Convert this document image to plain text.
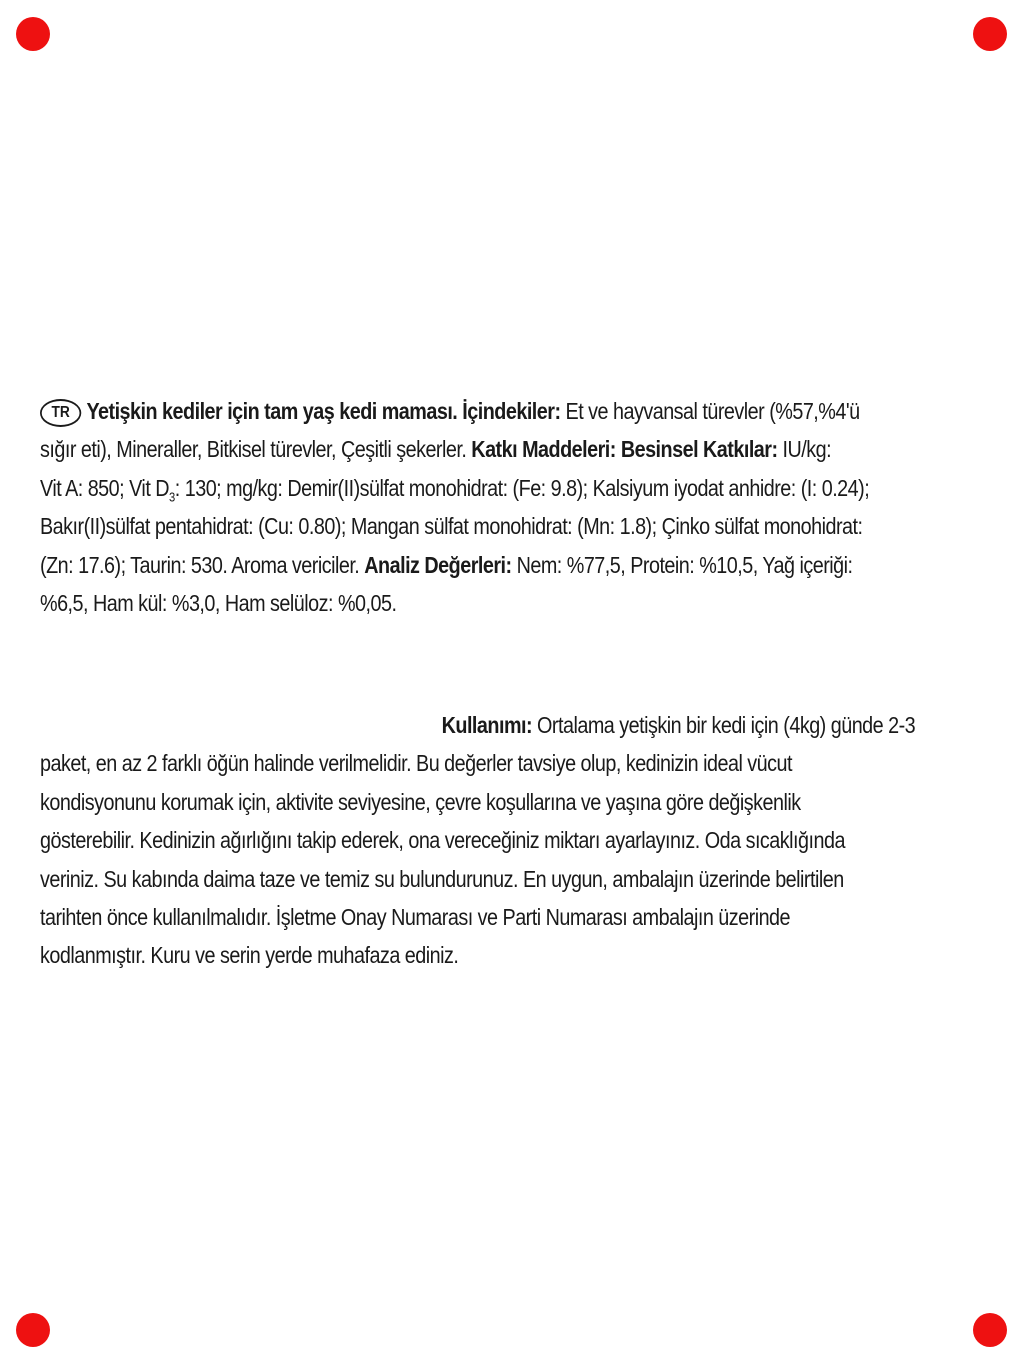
TR Yetişkin kediler için tam yaş kedi maması. İçindekiler: Et ve hayvansal türevler (%57,%4'ü
sığır eti), Mineraller, Bitkisel türevler, Çeşitli şekerler. Katkı Maddeleri: Besinsel Katkılar: IU/kg:
Vit A: 850; Vit $D_3$: 130; mg/kg: Demir(II)sülfat monohidrat: (Fe: 9.8); Kalsiyum iyodat anhidre: (I: 0.24);
Bakır(II)sülfat pentahidrat: (Cu: 0.80); Mangan sülfat monohidrat: (Mn: 1.8); Çinko sülfat monohidrat:
(Zn: 17.6); Taurin: 530. Aroma vericiler. Analiz Değerleri: Nem: %77,5, Protein: %10,5, Yağ içeriği:
%6,5, Ham kül: %3,0, Ham selüloz: %0,05.
Kullanımı: Ortalama yetişkin bir kedi için (4kg) günde 2-3
paket, en az 2 farklı öğün halinde verilmelidir. Bu değerler tavsiye olup, kedinizin ideal vücut
kondisyonunu korumak için, aktivite seviyesine, çevre koşullarına ve yaşına göre değişkenlik
gösterebilir. Kedinizin ağırlığını takip ederek, ona vereceğiniz miktarı ayarlayınız. Oda sıcaklığında
veriniz. Su kabında daima taze ve temiz su bulundurunuz. En uygun, ambalajın üzerinde belirtilen
tarihten önce kullanılmalıdır. İşletme Onay Numarası ve Parti Numarası ambalajın üzerinde
kodlanmıştır. Kuru ve serin yerde muhafaza ediniz.
